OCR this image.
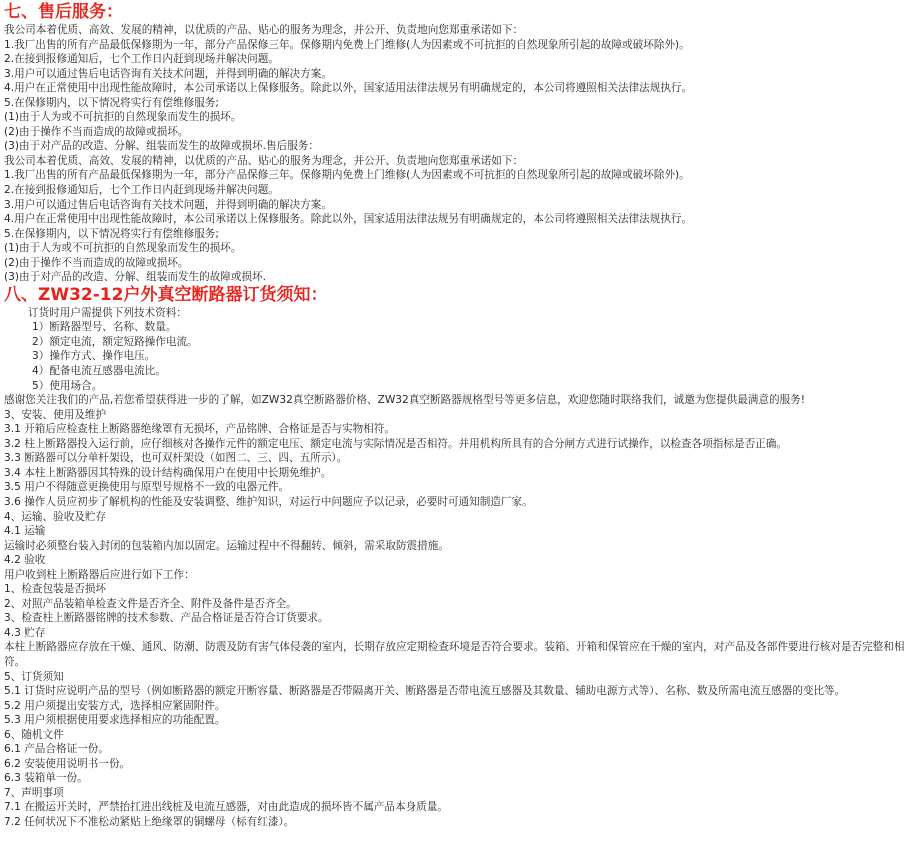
七、售后服务：
我公司本着优质、高效、发展的精神，以优质的产品、贴心的服务为理念，并公开、负责地向您郑重承诺如下：
1.我厂出售的所有产品最低保修期为一年，部分产品保修三年。保修期内免费上门维修(人为因素或不可抗拒的自然现象所引起的故障或破坏除外)。
2.在接到报修通知后，七个工作日内赶到现场并解决问题。
3.用户可以通过售后电话咨询有关技术问题，并得到明确的解决方案。
4.用户在正常使用中出现性能故障时，本公司承诺以上保修服务。除此以外，国家适用法律法规另有明确规定的，本公司将遵照相关法律法规执行。
5.在保修期内，以下情况将实行有偿维修服务;
(1)由于人为或不可抗拒的自然现象而发生的损坏。
(2)由于操作不当而造成的故障或损坏。
(3)由于对产品的改造、分解、组装而发生的故障或损坏.售后服务：
我公司本着优质、高效、发展的精神，以优质的产品、贴心的服务为理念，并公开、负责地向您郑重承诺如下：
1.我厂出售的所有产品最低保修期为一年，部分产品保修三年。保修期内免费上门维修(人为因素或不可抗拒的自然现象所引起的故障或破坏除外)。
2.在接到报修通知后，七个工作日内赶到现场并解决问题。
3.用户可以通过售后电话咨询有关技术问题，并得到明确的解决方案。
4.用户在正常使用中出现性能故障时，本公司承诺以上保修服务。除此以外，国家适用法律法规另有明确规定的，本公司将遵照相关法律法规执行。
5.在保修期内，以下情况将实行有偿维修服务;
(1)由于人为或不可抗拒的自然现象而发生的损坏。
(2)由于操作不当而造成的故障或损坏。
(3)由于对产品的改造、分解、组装而发生的故障或损坏.
八、ZW32-12户外真空断路器订货须知：
订货时用户需提供下列技术资料：
1）断路器型号、名称、数量。
2）额定电流，额定短路操作电流。
3）操作方式、操作电压。
4）配备电流互感器电流比。
5）使用场合。
感谢您关注我们的产品,若您希望获得进一步的了解，如ZW32真空断路器价格、ZW32真空断路器规格型号等更多信息，欢迎您随时联络我们，诚邀为您提供最满意的服务!
3、安装、使用及维护
3.1 开箱后应检查柱上断路器绝缘罩有无损坏，产品铭牌、合格证是否与实物相符。
3.2 柱上断路器投入运行前，应仔细核对各操作元件的额定电压、额定电流与实际情况是否相符。并用机构所具有的合分闸方式进行试操作，以检查各项指标是否正确。
3.3 断路器可以分单杆架设，也可双杆架设（如图二、三、四、五所示）。
3.4 本柱上断路器因其特殊的设计结构确保用户在使用中长期免维护。
3.5 用户不得随意更换使用与原型号规格不一致的电器元件。
3.6 操作人员应初步了解机构的性能及安装调整、维护知识，对运行中问题应予以记录，必要时可通知制造厂家。
4、运输、验收及贮存
4.1 运输
运输时必须整台装入封闭的包装箱内加以固定。运输过程中不得翻转、倾斜，需采取防震措施。
4.2 验收
用户收到柱上断路器后应进行如下工作：
1、检查包装是否损坏
2、对照产品装箱单检查文件是否齐全、附件及备件是否齐全。
3、检查柱上断路器铭牌的技术参数、产品合格证是否符合订货要求。
4.3 贮存
本柱上断路器应存放在干燥、通风、防潮、防震及防有害气体侵袭的室内，长期存放应定期检查环境是否符合要求。装箱、开箱和保管应在干燥的室内，对产品及各部件要进行核对是否完整和相符。
5、订货须知
5.1 订货时应说明产品的型号（例如断路器的额定开断容量、断路器是否带隔离开关、断路器是否带电流互感器及其数量、辅助电源方式等）、名称、数及所需电流互感器的变比等。
5.2 用户须提出安装方式，选择相应紧固附件。
5.3 用户须根据使用要求选择相应的功能配置。
6、随机文件
6.1 产品合格证一份。
6.2 安装使用说明书一份。
6.3 装箱单一份。
7、声明事项
7.1 在搬运开关时，严禁抬扛进出线桩及电流互感器，对由此造成的损坏皆不属产品本身质量。
7.2 任何状况下不准松动紧贴上绝缘罩的铜螺母（标有红漆）。
